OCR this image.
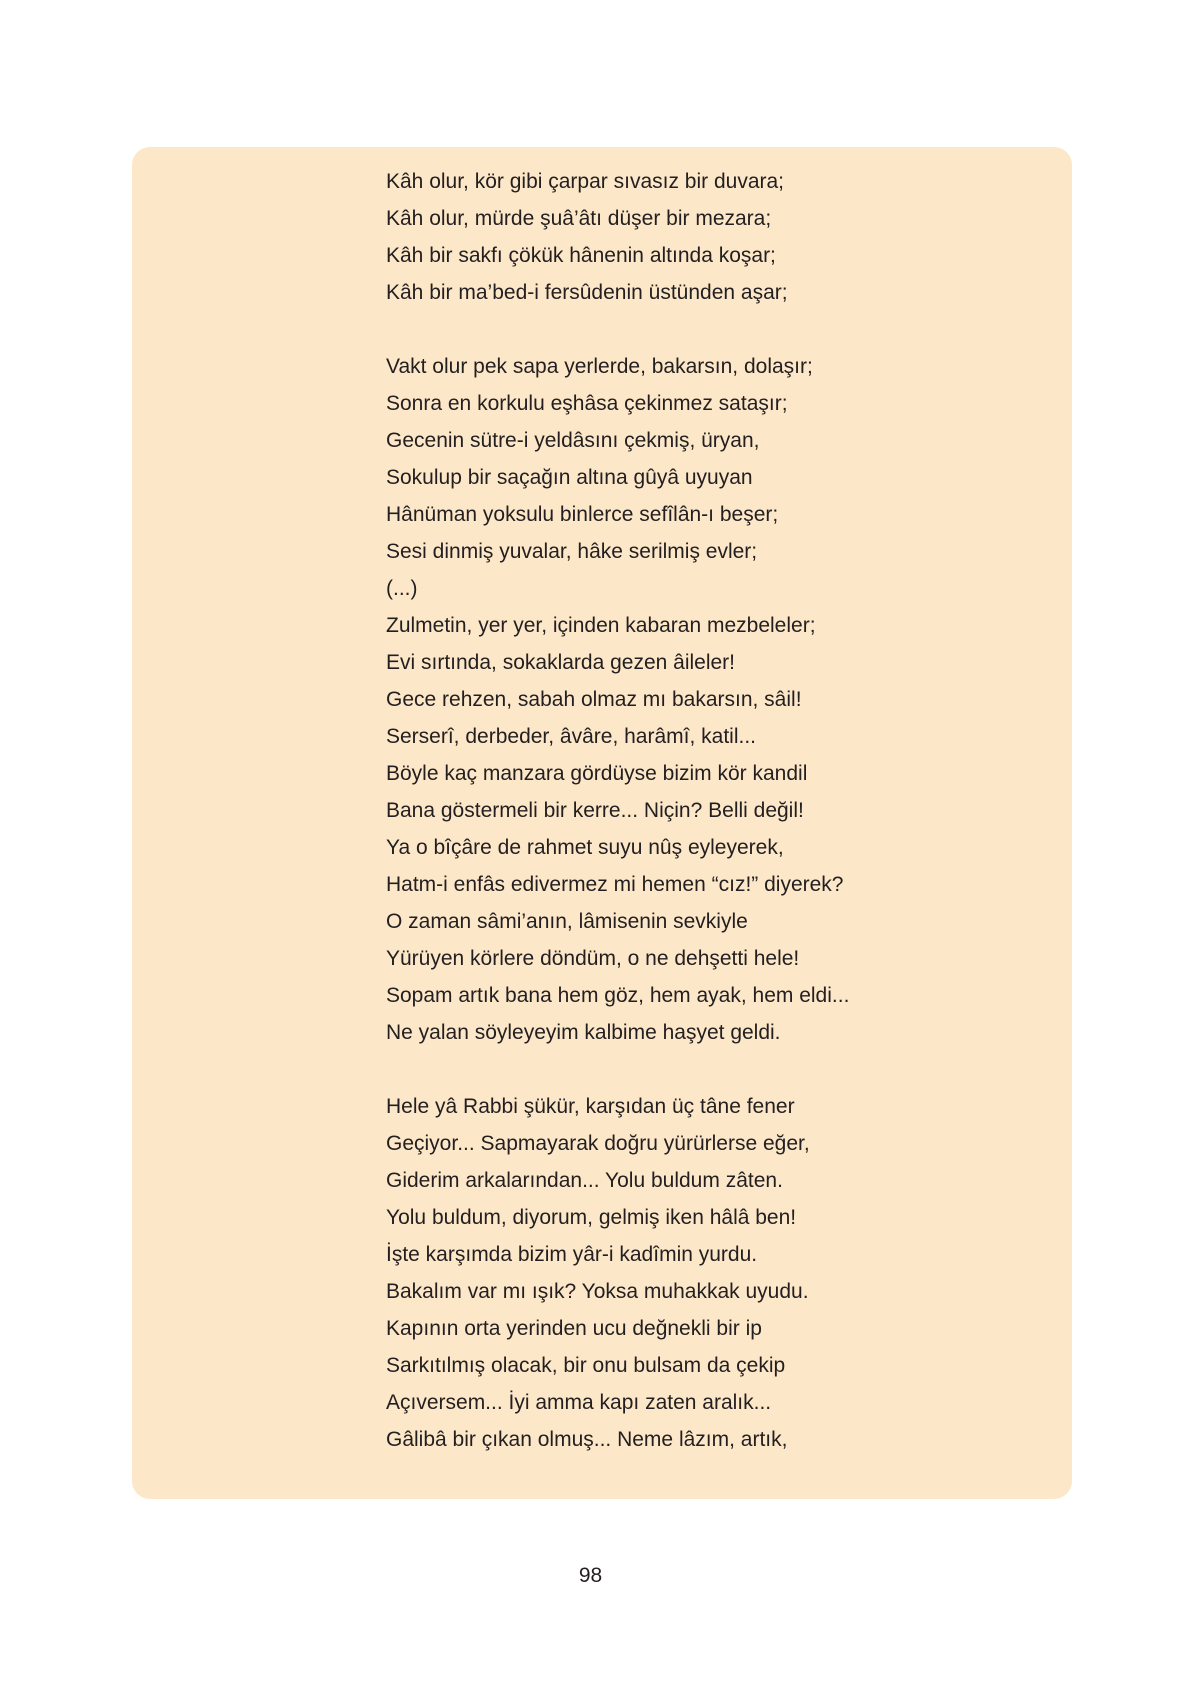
Kâh olur, kör gibi çarpar sıvasız bir duvara;
Kâh olur, mürde şuâ’âtı düşer bir mezara;
Kâh bir sakfı çökük hânenin altında koşar;
Kâh bir ma’bed-i fersûdenin üstünden aşar;
Vakt olur pek sapa yerlerde, bakarsın, dolaşır;
Sonra en korkulu eşhâsa çekinmez sataşır;
Gecenin sütre-i yeldâsını çekmiş, üryan,
Sokulup bir saçağın altına gûyâ uyuyan
Hânüman yoksulu binlerce sefîlân-ı beşer;
Sesi dinmiş yuvalar, hâke serilmiş evler;
(...)
Zulmetin, yer yer, içinden kabaran mezbeleler;
Evi sırtında, sokaklarda gezen âileler!
Gece rehzen, sabah olmaz mı bakarsın, sâil!
Serserî, derbeder, âvâre, harâmî, katil...
Böyle kaç manzara gördüyse bizim kör kandil
Bana göstermeli bir kerre... Niçin? Belli değil!
Ya o bîçâre de rahmet suyu nûş eyleyerek,
Hatm-i enfâs edivermez mi hemen “cız!” diyerek?
O zaman sâmi’anın, lâmisenin sevkiyle
Yürüyen körlere döndüm, o ne dehşetti hele!
Sopam artık bana hem göz, hem ayak, hem eldi...
Ne yalan söyleyeyim kalbime haşyet geldi.
Hele yâ Rabbi şükür, karşıdan üç tâne fener
Geçiyor... Sapmayarak doğru yürürlerse eğer,
Giderim arkalarından... Yolu buldum zâten.
Yolu buldum, diyorum, gelmiş iken hâlâ ben!
İşte karşımda bizim yâr-i kadîmin yurdu.
Bakalım var mı ışık? Yoksa muhakkak uyudu.
Kapının orta yerinden ucu değnekli bir ip
Sarkıtılmış olacak, bir onu bulsam da çekip
Açıversem... İyi amma kapı zaten aralık...
Gâlibâ bir çıkan olmuş... Neme lâzım, artık,
98
